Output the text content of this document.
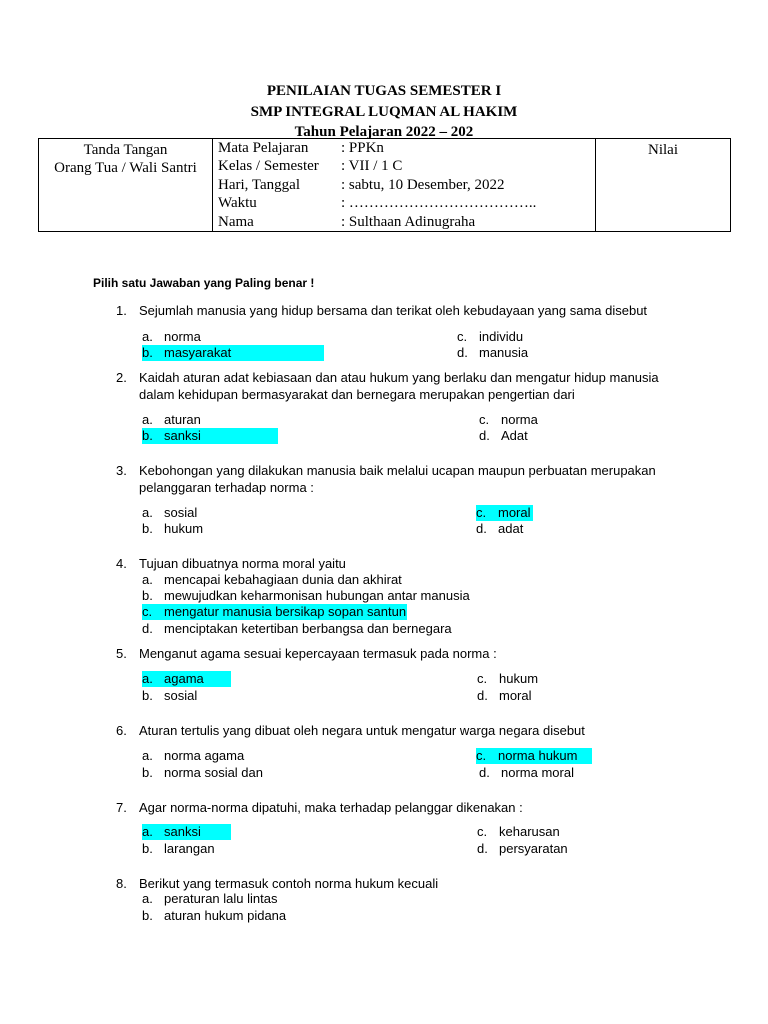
PENILAIAN TUGAS SEMESTER I
SMP INTEGRAL LUQMAN AL HAKIM
Tahun Pelajaran 2022 – 202
Tanda Tangan
Orang Tua / Wali Santri

Mata Pelajaran : PPKn
Kelas / Semester : VII / 1 C
Hari, Tanggal	: sabtu, 10 Desember, 2022
Waktu	: ………………………………..
Nama	: Sulthaan Adinugraha
	Nilai
Pilih satu Jawaban yang Paling benar !
1. Sejumlah manusia yang hidup bersama dan terikat oleh kebudayaan yang sama disebut
a. norma
b. masyarakat
c. individu
d. manusia
2. Kaidah aturan adat kebiasaan dan atau hukum yang berlaku dan mengatur hidup manusia dalam kehidupan bermasyarakat dan bernegara merupakan pengertian dari
a. aturan
b. sanksi
c. norma
d. Adat
3. Kebohongan yang dilakukan manusia baik melalui ucapan maupun perbuatan merupakan pelanggaran terhadap norma :
a. sosial
b. hukum
c. moral
d. adat
4. Tujuan dibuatnya norma moral yaitu
a. mencapai kebahagiaan dunia dan akhirat
b. mewujudkan keharmonisan hubungan antar manusia
c. mengatur manusia bersikap sopan santun
d. menciptakan ketertiban berbangsa dan bernegara
5. Menganut agama sesuai kepercayaan termasuk pada norma :
a. agama
b. sosial
c. hukum
d. moral
6. Aturan tertulis yang dibuat oleh negara untuk mengatur warga negara disebut
a. norma agama
b. norma sosial dan
c. norma hukum
d. norma moral
7. Agar norma-norma dipatuhi, maka terhadap pelanggar dikenakan :
a. sanksi
b. larangan
c. keharusan
d. persyaratan
8. Berikut yang termasuk contoh norma hukum kecuali
a. peraturan lalu lintas
b. aturan hukum pidana
